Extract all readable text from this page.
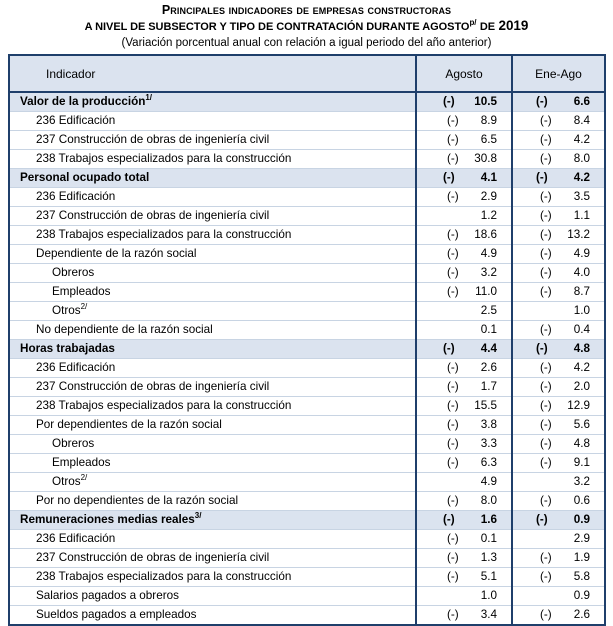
Principales indicadores de empresas constructoras
A NIVEL DE SUBSECTOR Y TIPO DE CONTRATACIÓN DURANTE AGOSTO$^{p/}$ DE 2019
(Variación porcentual anual con relación a igual periodo del año anterior)
Indicador	Agosto	Ene-Ago
Valor de la producción$^{1/}$	(-) 10.5	(-) 6.6

236 Edificación	(-) 8.9	(-) 8.4

237 Construcción de obras de ingeniería civil	(-) 6.5	(-) 4.2

238 Trabajos especializados para la construcción	(-) 30.8	(-) 8.0

Personal ocupado total	(-) 4.1	(-) 4.2

236 Edificación	(-) 2.9	(-) 3.5

237 Construcción de obras de ingeniería civil	1.2	(-) 1.1

238 Trabajos especializados para la construcción	(-) 18.6	(-) 13.2

Dependiente de la razón social	(-) 4.9	(-) 4.9

Obreros	(-) 3.2	(-) 4.0

Empleados	(-) 11.0	(-) 8.7

Otros$^{2/}$	2.5	1.0

No dependiente de la razón social	0.1	(-) 0.4

Horas trabajadas	(-) 4.4	(-) 4.8

236 Edificación	(-) 2.6	(-) 4.2

237 Construcción de obras de ingeniería civil	(-) 1.7	(-) 2.0

238 Trabajos especializados para la construcción	(-) 15.5	(-) 12.9

Por dependientes de la razón social	(-) 3.8	(-) 5.6

Obreros	(-) 3.3	(-) 4.8

Empleados	(-) 6.3	(-) 9.1

Otros$^{2/}$	4.9	3.2

Por no dependientes de la razón social	(-) 8.0	(-) 0.6

Remuneraciones medias reales$^{3/}$	(-) 1.6	(-) 0.9

236 Edificación	(-) 0.1	2.9

237 Construcción de obras de ingeniería civil	(-) 1.3	(-) 1.9

238 Trabajos especializados para la construcción	(-) 5.1	(-) 5.8

Salarios pagados a obreros	1.0	0.9

Sueldos pagados a empleados	(-) 3.4	(-) 2.6
